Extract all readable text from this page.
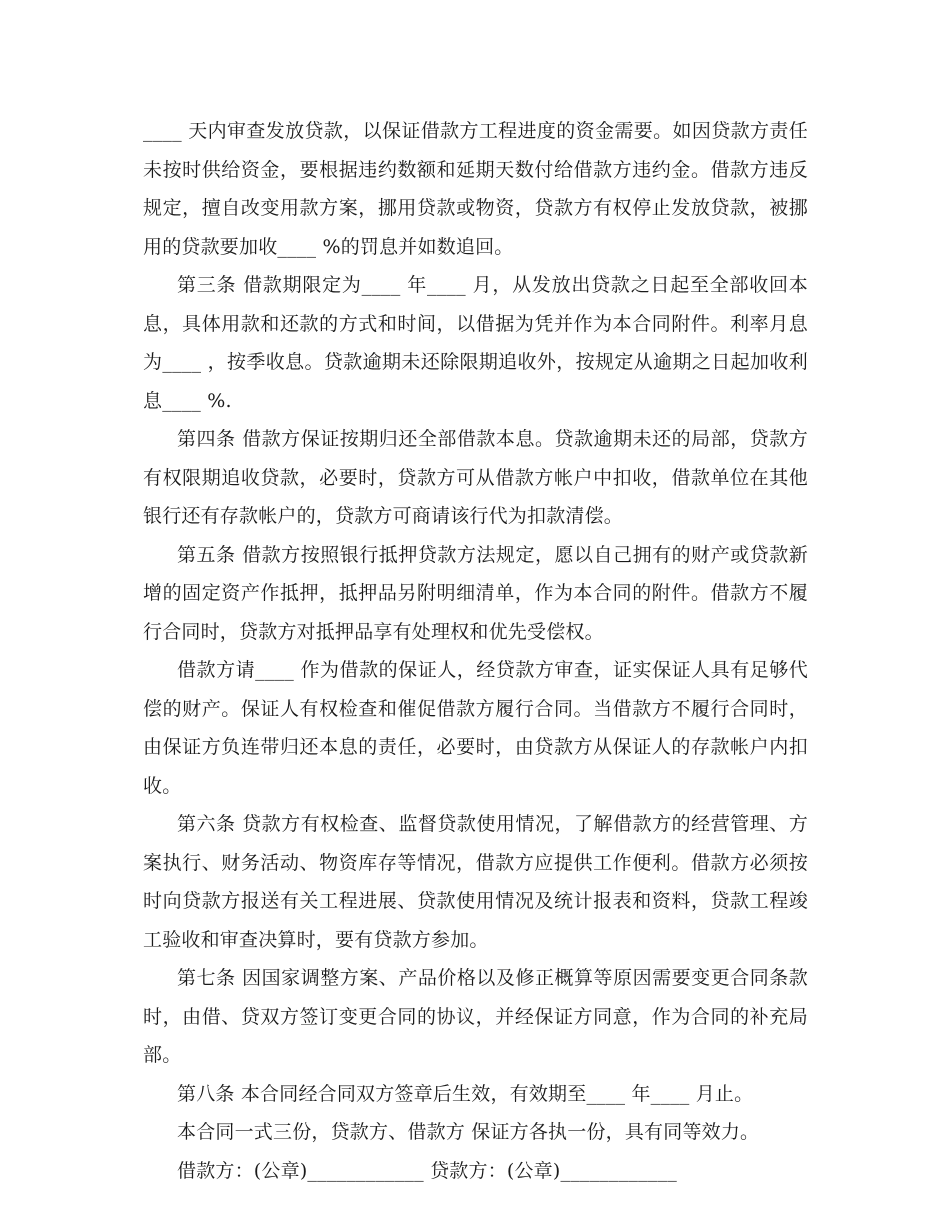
____ 天内审查发放贷款，以保证借款方工程进度的资金需要。如因贷款方责任未按时供给资金，要根据违约数额和延期天数付给借款方违约金。借款方违反规定，擅自改变用款方案，挪用贷款或物资，贷款方有权停止发放贷款，被挪用的贷款要加收____ %的罚息并如数追回。

第三条 借款期限定为____ 年____ 月，从发放出贷款之日起至全部收回本息，具体用款和还款的方式和时间，以借据为凭并作为本合同附件。利率月息为____ ，按季收息。贷款逾期未还除限期追收外，按规定从逾期之日起加收利息____ %.

第四条 借款方保证按期归还全部借款本息。贷款逾期未还的局部，贷款方有权限期追收贷款，必要时，贷款方可从借款方帐户中扣收，借款单位在其他银行还有存款帐户的，贷款方可商请该行代为扣款清偿。

第五条 借款方按照银行抵押贷款方法规定，愿以自己拥有的财产或贷款新增的固定资产作抵押，抵押品另附明细清单，作为本合同的附件。借款方不履行合同时，贷款方对抵押品享有处理权和优先受偿权。

借款方请____ 作为借款的保证人，经贷款方审查，证实保证人具有足够代偿的财产。保证人有权检查和催促借款方履行合同。当借款方不履行合同时，由保证方负连带归还本息的责任，必要时，由贷款方从保证人的存款帐户内扣收。

第六条 贷款方有权检查、监督贷款使用情况，了解借款方的经营管理、方案执行、财务活动、物资库存等情况，借款方应提供工作便利。借款方必须按时向贷款方报送有关工程进展、贷款使用情况及统计报表和资料，贷款工程竣工验收和审查决算时，要有贷款方参加。

第七条 因国家调整方案、产品价格以及修正概算等原因需要变更合同条款时，由借、贷双方签订变更合同的协议，并经保证方同意，作为合同的补充局部。

第八条 本合同经合同双方签章后生效，有效期至____ 年____ 月止。

本合同一式三份，贷款方、借款方 保证方各执一份，具有同等效力。

借款方：(公章)____________ 贷款方：(公章)____________
